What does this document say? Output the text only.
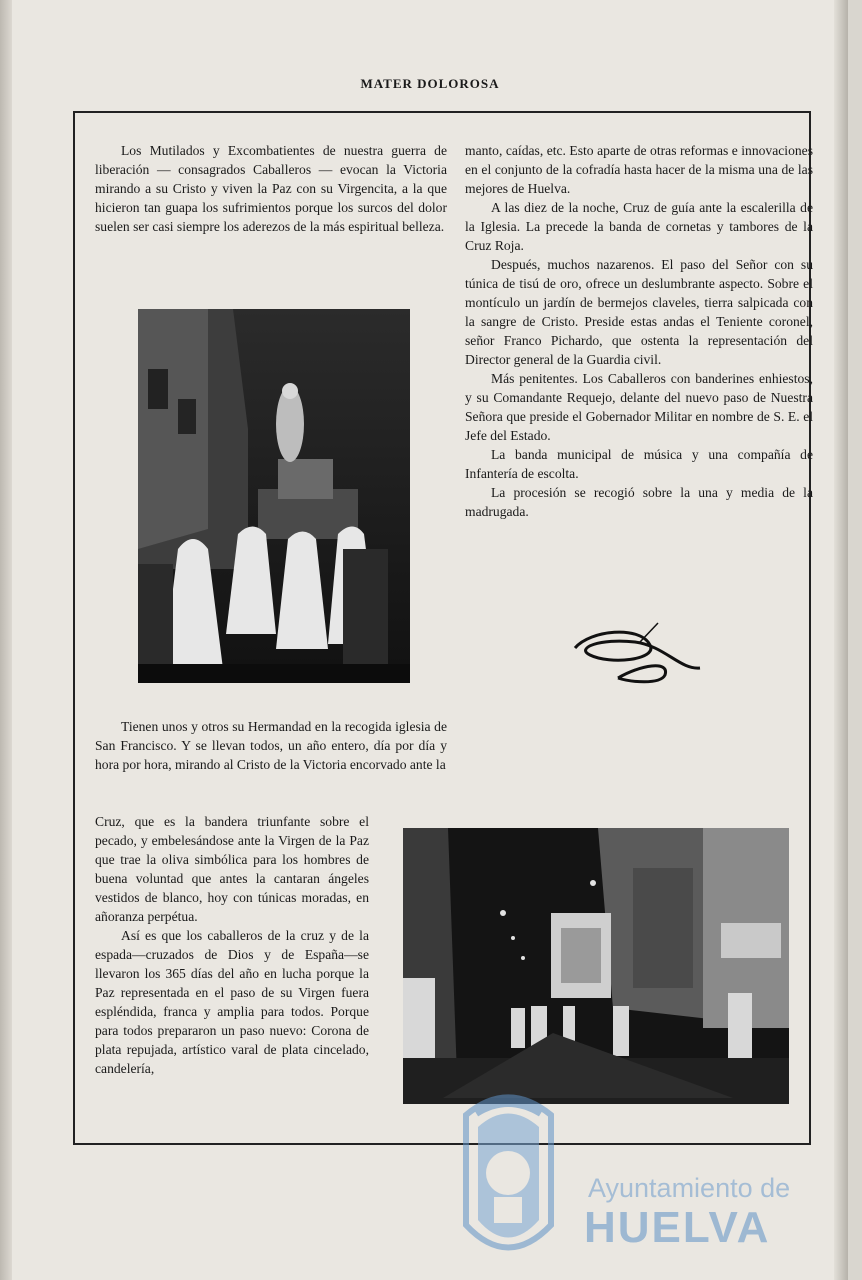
MATER DOLOROSA

Los Mutilados y Excombatientes de nuestra guerra de liberación — consagrados Caballeros — evocan la Victoria mirando a su Cristo y viven la Paz con su Virgencita, a la que hicieron tan guapa los sufrimientos porque los surcos del dolor suelen ser casi siempre los aderezos de la más espiritual belleza.

Tienen unos y otros su Hermandad en la recogida iglesia de San Francisco. Y se llevan todos, un año entero, día por día y hora por hora, mirando al Cristo de la Victoria encorvado ante la

Cruz, que es la bandera triunfante sobre el pecado, y embelesándose ante la Virgen de la Paz que trae la oliva simbólica para los hombres de buena voluntad que antes la cantaran ángeles vestidos de blanco, hoy con túnicas moradas, en añoranza perpétua.

Así es que los caballeros de la cruz y de la espada—cruzados de Dios y de España—se llevaron los 365 días del año en lucha porque la Paz representada en el paso de su Virgen fuera espléndida, franca y amplia para todos. Porque para todos prepararon un paso nuevo: Corona de plata repujada, artístico varal de plata cincelado, candelería,

manto, caídas, etc. Esto aparte de otras reformas e innovaciones en el conjunto de la cofradía hasta hacer de la misma una de las mejores de Huelva.

A las diez de la noche, Cruz de guía ante la escalerilla de la Iglesia. La precede la banda de cornetas y tambores de la Cruz Roja.

Después, muchos nazarenos. El paso del Señor con su túnica de tisú de oro, ofrece un deslumbrante aspecto. Sobre el montículo un jardín de bermejos claveles, tierra salpicada con la sangre de Cristo. Preside estas andas el Teniente coronel, señor Franco Pichardo, que ostenta la representación del Director general de la Guardia civil.

Más penitentes. Los Caballeros con banderines enhiestos, y su Comandante Requejo, delante del nuevo paso de Nuestra Señora que preside el Gobernador Militar en nombre de S. E. el Jefe del Estado.

La banda municipal de música y una compañía de Infantería de escolta.

La procesión se recogió sobre la una y media de la madrugada.

Ayuntamiento de
HUELVA
